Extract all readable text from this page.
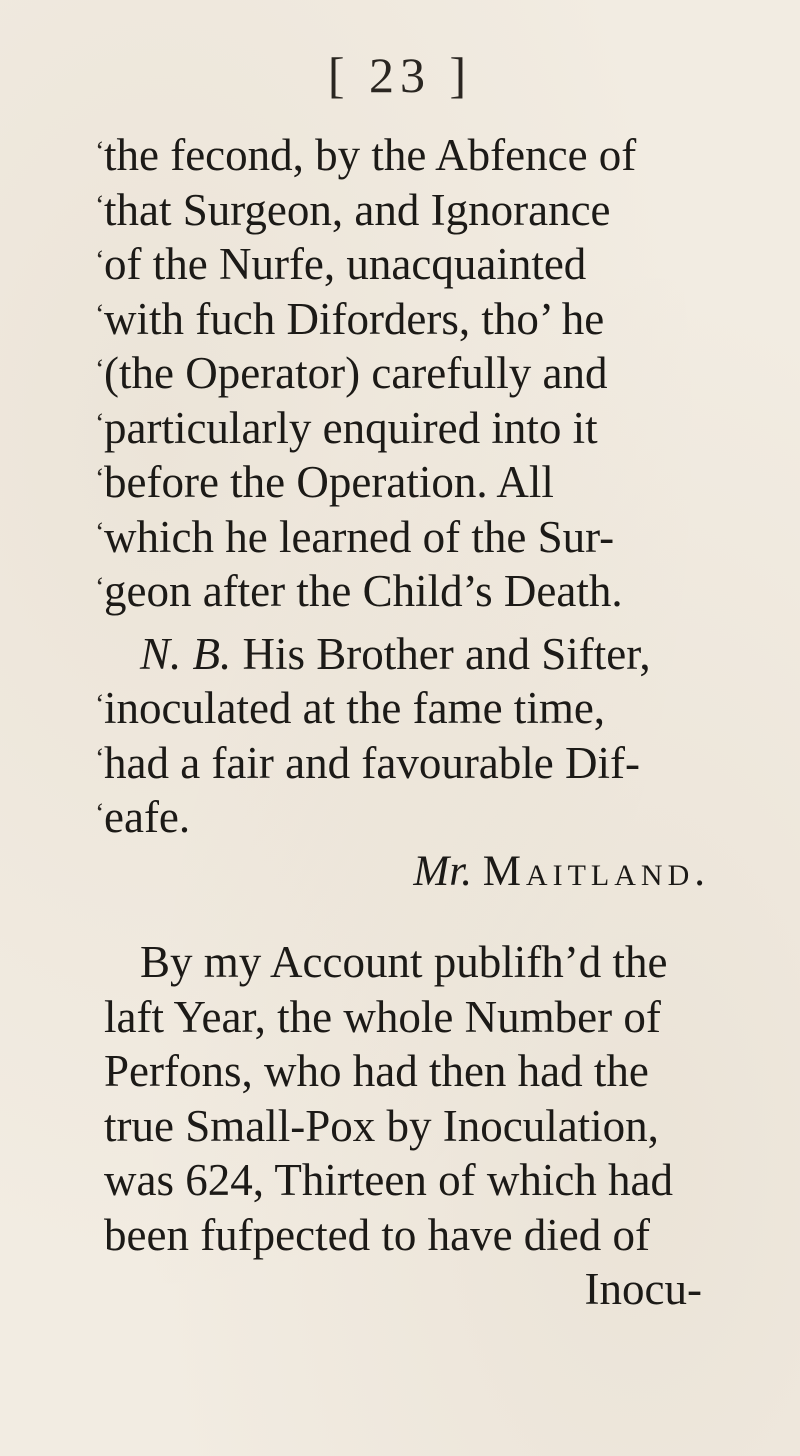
[ 23 ]
‘ the fecond, by the Abfence of
‘ that Surgeon, and Ignorance
‘ of the Nurfe, unacquainted
‘ with fuch Diforders, tho’ he
‘ (the Operator) carefully and
‘ particularly enquired into it
‘ before the Operation. All
‘ which he learned of the Sur-
‘ geon after the Child’s Death.
N. B. His Brother and Sifter,
‘ inoculated at the fame time,
‘ had a fair and favourable Dif-
‘ eafe.
Mr. Maitland.
By my Account publifh’d the
laft Year, the whole Number of
Perfons, who had then had the
true Small-Pox by Inoculation,
was 624, Thirteen of which had
been fufpected to have died of
Inocu-
